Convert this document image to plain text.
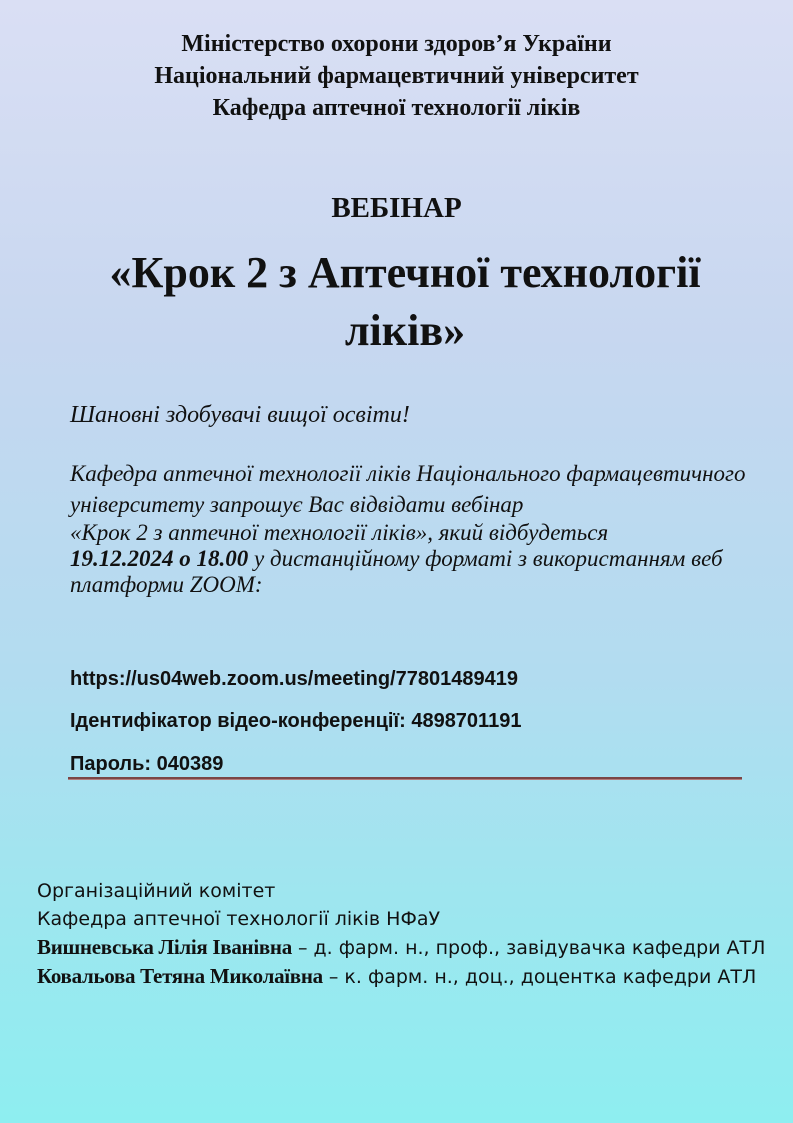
Міністерство охорони здоров’я України
Національний фармацевтичний університет
Кафедра аптечної технології ліків
ВЕБІНАР
«Крок 2 з Аптечної технології ліків»
Шановні здобувачі вищої освіти!

Кафедра аптечної технології ліків Національного фармацевтичного університету запрошує Вас відвідати вебінар

«Крок 2 з аптечної технології ліків», який відбудеться
19.12.2024 о 18.00 у дистанційному форматі з використанням веб платформи ZOOM:

https://us04web.zoom.us/meeting/77801489419
Ідентифікатор відео-конференції: 4898701191
Пароль: 040389

Організаційний комітет

Кафедра аптечної технології ліків НФаУ

Вишневська Лілія Іванівна – д. фарм. н., проф., завідувачка кафедри АТЛ

Ковальова Тетяна Миколаївна – к. фарм. н., доц., доцентка кафедри АТЛ
